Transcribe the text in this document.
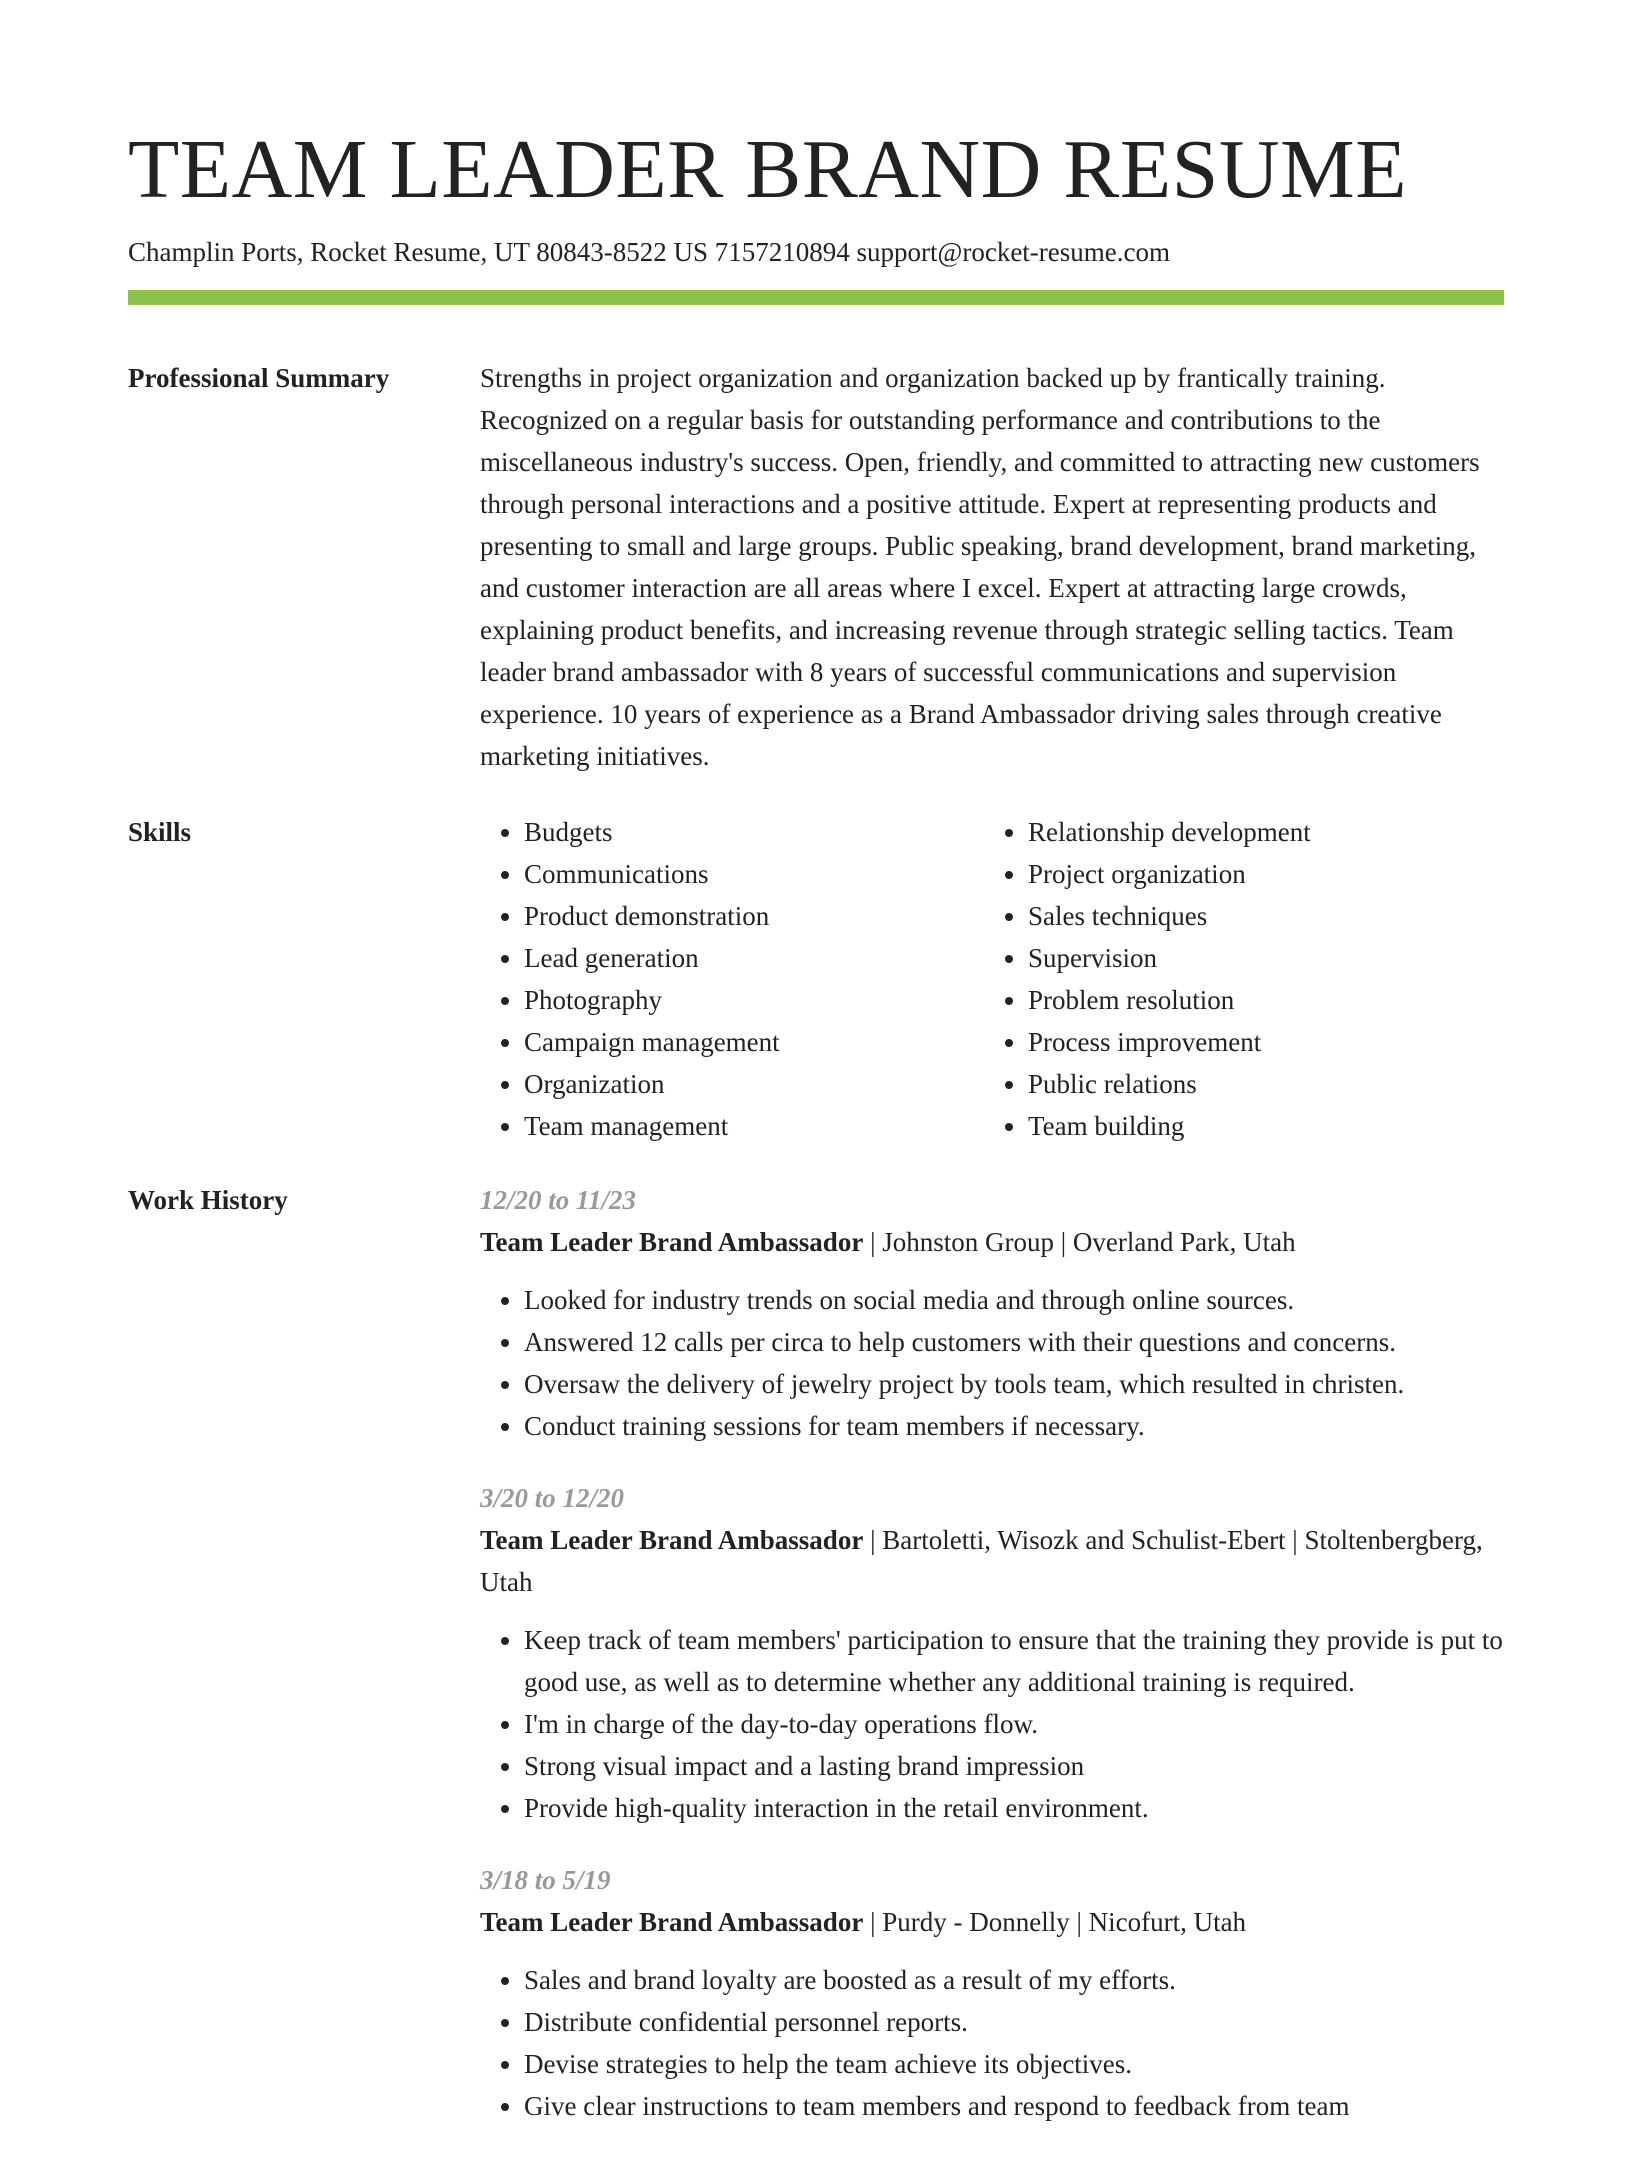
TEAM LEADER BRAND RESUME
Champlin Ports, Rocket Resume, UT 80843-8522 US 7157210894 support@rocket-resume.com
Professional Summary	Strengths in project organization and organization backed up by frantically training. Recognized on a regular basis for outstanding performance and contributions to the miscellaneous industry's success. Open, friendly, and committed to attracting new customers through personal interactions and a positive attitude. Expert at representing products and presenting to small and large groups. Public speaking, brand development, brand marketing, and customer interaction are all areas where I excel. Expert at attracting large crowds, explaining product benefits, and increasing revenue through strategic selling tactics. Team leader brand ambassador with 8 years of successful communications and supervision experience. 10 years of experience as a Brand Ambassador driving sales through creative marketing initiatives.

Skills
•	Budgets
• Communications
• Product demonstration
• Lead generation
• Photography
• Campaign management
• Organization
• Team management
• Relationship development
• Project organization
• Sales techniques
• Supervision
• Problem resolution
• Process improvement
• Public relations
• Team building
Work History	12/20 to 11/23
Team Leader Brand Ambassador | Johnston Group | Overland Park, Utah
• Looked for industry trends on social media and through online sources.
• Answered 12 calls per circa to help customers with their questions and concerns.
• Oversaw the delivery of jewelry project by tools team, which resulted in christen.
• Conduct training sessions for team members if necessary.
3/20 to 12/20
Team Leader Brand Ambassador | Bartoletti, Wisozk and Schulist-Ebert | Stoltenbergberg, Utah
• Keep track of team members' participation to ensure that the training they provide is put to good use, as well as to determine whether any additional training is required.
• I'm in charge of the day-to-day operations flow.
• Strong visual impact and a lasting brand impression
• Provide high-quality interaction in the retail environment.
3/18 to 5/19
Team Leader Brand Ambassador | Purdy - Donnelly | Nicofurt, Utah
• Sales and brand loyalty are boosted as a result of my efforts.
• Distribute confidential personnel reports.
• Devise strategies to help the team achieve its objectives.
• Give clear instructions to team members and respond to feedback from team
